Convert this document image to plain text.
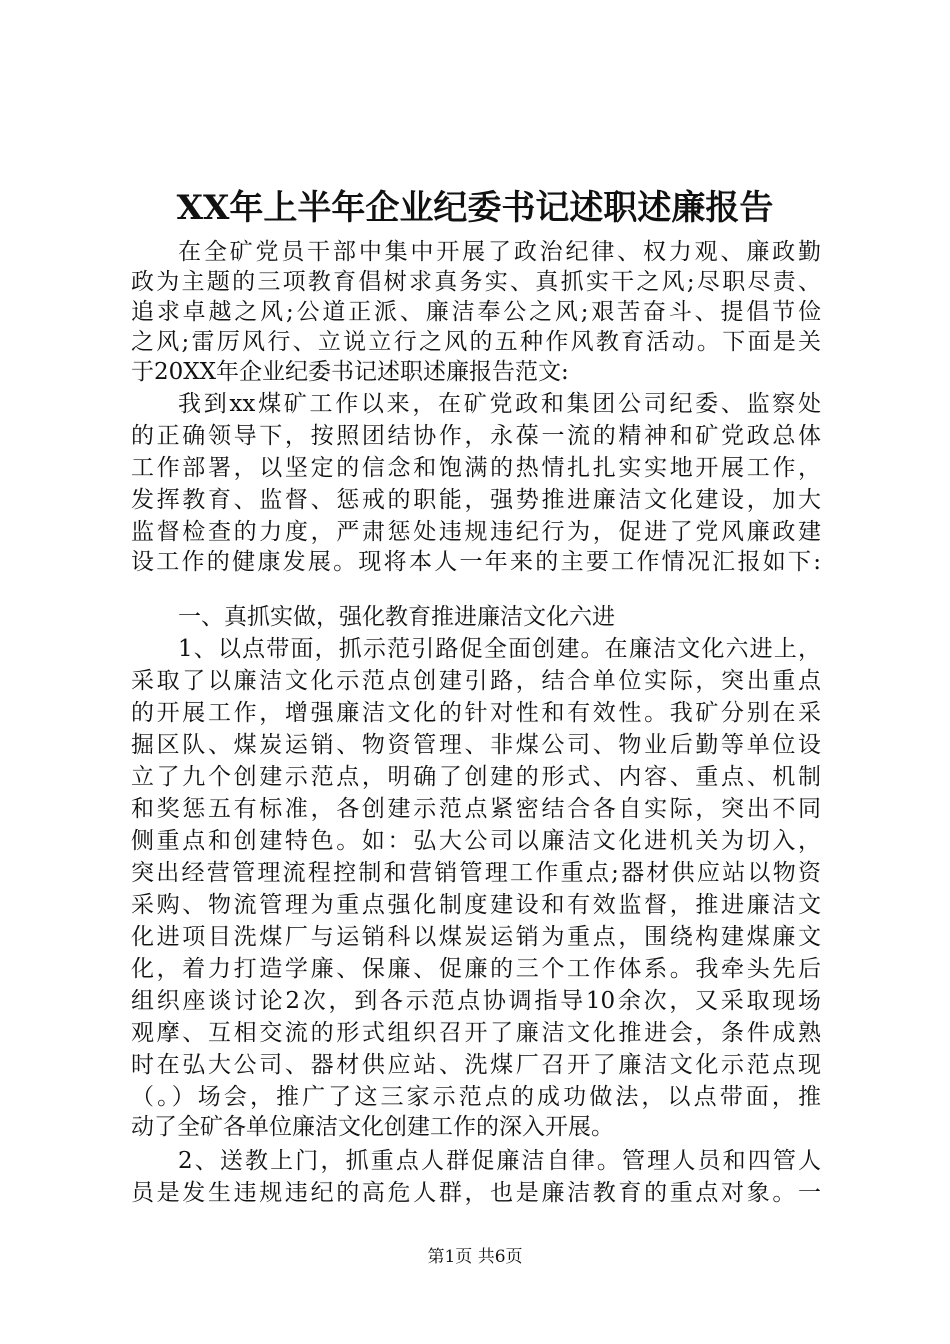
XX年上半年企业纪委书记述职述廉报告
在全矿党员干部中集中开展了政治纪律、权力观、廉政勤
政为主题的三项教育倡树求真务实、真抓实干之风;尽职尽责、
追求卓越之风;公道正派、廉洁奉公之风;艰苦奋斗、提倡节俭
之风;雷厉风行、立说立行之风的五种作风教育活动。下面是关
于20XX年企业纪委书记述职述廉报告范文:
我到xx煤矿工作以来，在矿党政和集团公司纪委、监察处
的正确领导下，按照团结协作，永葆一流的精神和矿党政总体
工作部署，以坚定的信念和饱满的热情扎扎实实地开展工作，
发挥教育、监督、惩戒的职能，强势推进廉洁文化建设，加大
监督检查的力度，严肃惩处违规违纪行为，促进了党风廉政建
设工作的健康发展。现将本人一年来的主要工作情况汇报如下:
一、真抓实做，强化教育推进廉洁文化六进
1、以点带面，抓示范引路促全面创建。在廉洁文化六进上，
采取了以廉洁文化示范点创建引路，结合单位实际，突出重点
的开展工作，增强廉洁文化的针对性和有效性。我矿分别在采
掘区队、煤炭运销、物资管理、非煤公司、物业后勤等单位设
立了九个创建示范点，明确了创建的形式、内容、重点、机制
和奖惩五有标准，各创建示范点紧密结合各自实际，突出不同
侧重点和创建特色。如：弘大公司以廉洁文化进机关为切入，
突出经营管理流程控制和营销管理工作重点;器材供应站以物资
采购、物流管理为重点强化制度建设和有效监督，推进廉洁文
化进项目洗煤厂与运销科以煤炭运销为重点，围绕构建煤廉文
化，着力打造学廉、保廉、促廉的三个工作体系。我牵头先后
组织座谈讨论2次，到各示范点协调指导10余次，又采取现场
观摩、互相交流的形式组织召开了廉洁文化推进会，条件成熟
时在弘大公司、器材供应站、洗煤厂召开了廉洁文化示范点现
（。）场会，推广了这三家示范点的成功做法，以点带面，推
动了全矿各单位廉洁文化创建工作的深入开展。
2、送教上门，抓重点人群促廉洁自律。管理人员和四管人
员是发生违规违纪的高危人群，也是廉洁教育的重点对象。一
第1页 共6页
